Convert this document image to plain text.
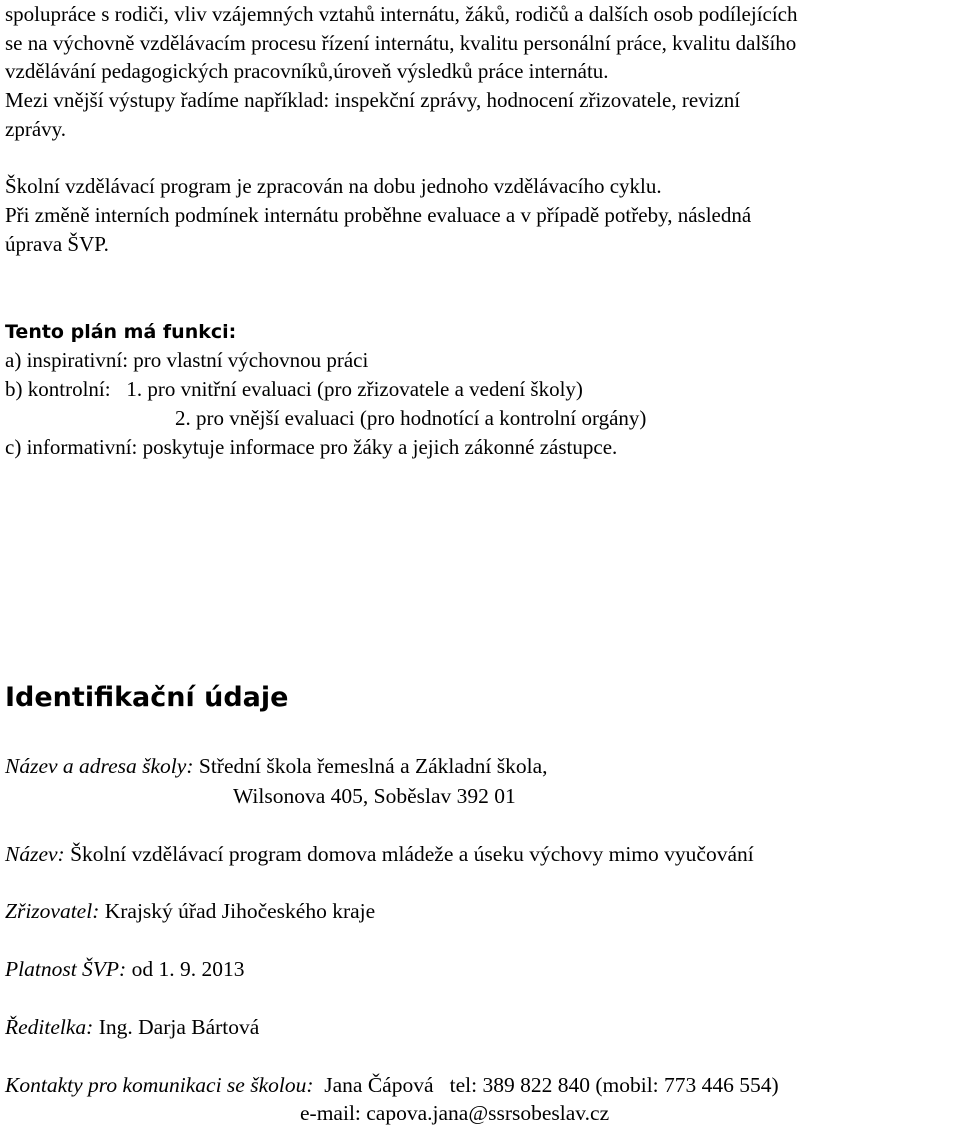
spolupráce s rodiči, vliv vzájemných vztahů internátu, žáků, rodičů a dalších osob podílejících
se na výchovně vzdělávacím procesu řízení internátu, kvalitu personální práce, kvalitu dalšího
vzdělávání pedagogických pracovníků,úroveň výsledků práce internátu.
Mezi vnější výstupy řadíme například: inspekční zprávy, hodnocení zřizovatele, revizní
zprávy.
Školní vzdělávací program je zpracován na dobu jednoho vzdělávacího cyklu.
Při změně interních podmínek internátu proběhne evaluace a v případě potřeby, následná
úprava ŠVP.
Tento plán má funkci:
a) inspirativní: pro vlastní výchovnou práci
b) kontrolní:   1. pro vnitřní evaluaci (pro zřizovatele a vedení školy)
2. pro vnější evaluaci (pro hodnotící a kontrolní orgány)
c) informativní: poskytuje informace pro žáky a jejich zákonné zástupce.
Identifikační údaje
Název a adresa školy: Střední škola řemeslná a Základní škola,
Wilsonova 405, Soběslav 392 01
Název: Školní vzdělávací program domova mládeže a úseku výchovy mimo vyučování
Zřizovatel: Krajský úřad Jihočeského kraje
Platnost ŠVP: od 1. 9. 2013
Ředitelka: Ing. Darja Bártová
Kontakty pro komunikaci se školou: Jana Čápová   tel: 389 822 840 (mobil: 773 446 554)
e-mail: capova.jana@ssrsobeslav.cz
